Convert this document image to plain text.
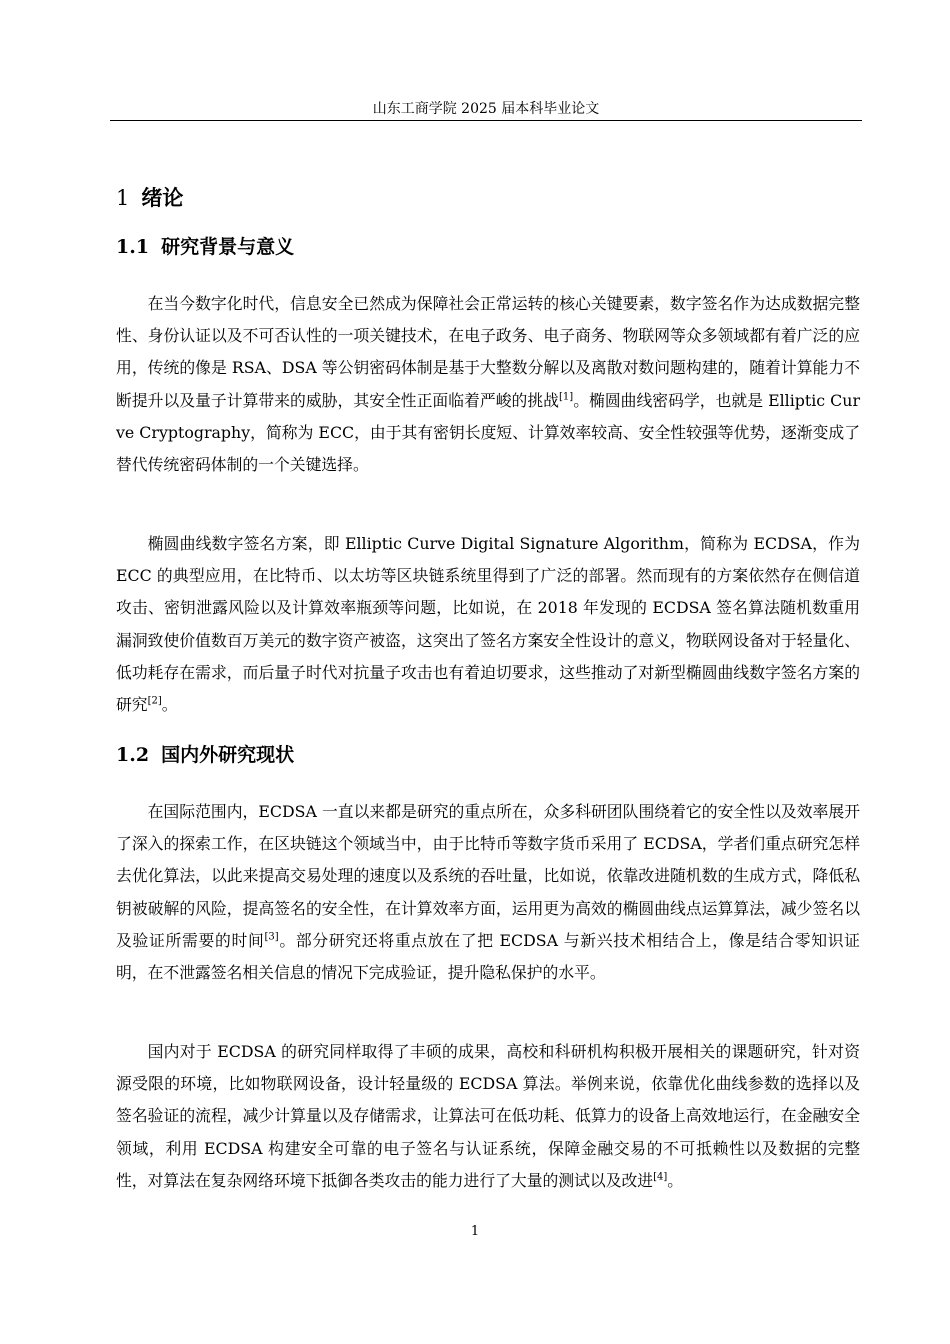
山东工商学院 2025 届本科毕业论文
1 绪论
1.1 研究背景与意义

在当今数字化时代，信息安全已然成为保障社会正常运转的核心关键要素，数字签名作为达成数据完整性、身份认证以及不可否认性的一项关键技术，在电子政务、电子商务、物联网等众多领域都有着广泛的应用，传统的像是 RSA、DSA 等公钥密码体制是基于大整数分解以及离散对数问题构建的，随着计算能力不断提升以及量子计算带来的威胁，其安全性正面临着严峻的挑战[1]。椭圆曲线密码学，也就是 Elliptic Curve Cryptography，简称为 ECC，由于其有密钥长度短、计算效率较高、安全性较强等优势，逐渐变成了替代传统密码体制的一个关键选择。

椭圆曲线数字签名方案，即 Elliptic Curve Digital Signature Algorithm，简称为 ECDSA，作为 ECC 的典型应用，在比特币、以太坊等区块链系统里得到了广泛的部署。然而现有的方案依然存在侧信道攻击、密钥泄露风险以及计算效率瓶颈等问题，比如说，在 2018 年发现的 ECDSA 签名算法随机数重用漏洞致使价值数百万美元的数字资产被盗，这突出了签名方案安全性设计的意义，物联网设备对于轻量化、低功耗存在需求，而后量子时代对抗量子攻击也有着迫切要求，这些推动了对新型椭圆曲线数字签名方案的研究[2]。

1.2 国内外研究现状

在国际范围内，ECDSA 一直以来都是研究的重点所在，众多科研团队围绕着它的安全性以及效率展开了深入的探索工作，在区块链这个领域当中，由于比特币等数字货币采用了 ECDSA，学者们重点研究怎样去优化算法，以此来提高交易处理的速度以及系统的吞吐量，比如说，依靠改进随机数的生成方式，降低私钥被破解的风险，提高签名的安全性，在计算效率方面，运用更为高效的椭圆曲线点运算算法，减少签名以及验证所需要的时间[3]。部分研究还将重点放在了把 ECDSA 与新兴技术相结合上，像是结合零知识证明，在不泄露签名相关信息的情况下完成验证，提升隐私保护的水平。

国内对于 ECDSA 的研究同样取得了丰硕的成果，高校和科研机构积极开展相关的课题研究，针对资源受限的环境，比如物联网设备，设计轻量级的 ECDSA 算法。举例来说，依靠优化曲线参数的选择以及签名验证的流程，减少计算量以及存储需求，让算法可在低功耗、低算力的设备上高效地运行，在金融安全领域，利用 ECDSA 构建安全可靠的电子签名与认证系统，保障金融交易的不可抵赖性以及数据的完整性，对算法在复杂网络环境下抵御各类攻击的能力进行了大量的测试以及改进[4]。

1
